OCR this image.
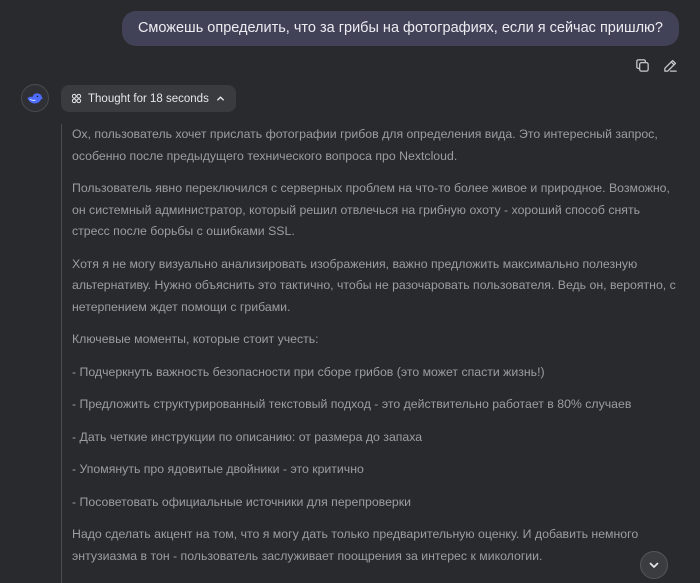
Сможешь определить, что за грибы на фотографиях, если я сейчас пришлю?
Thought for 18 seconds

Ох, пользователь хочет прислать фотографии грибов для определения вида. Это интересный запрос, особенно после предыдущего технического вопроса про Nextcloud.

Пользователь явно переключился с серверных проблем на что-то более живое и природное. Возможно, он системный администратор, который решил отвлечься на грибную охоту - хороший способ снять стресс после борьбы с ошибками SSL.

Хотя я не могу визуально анализировать изображения, важно предложить максимально полезную альтернативу. Нужно объяснить это тактично, чтобы не разочаровать пользователя. Ведь он, вероятно, с нетерпением ждет помощи с грибами.

Ключевые моменты, которые стоит учесть:

- Подчеркнуть важность безопасности при сборе грибов (это может спасти жизнь!)

- Предложить структурированный текстовый подход - это действительно работает в 80% случаев

- Дать четкие инструкции по описанию: от размера до запаха

- Упомянуть про ядовитые двойники - это критично

- Посоветовать официальные источники для перепроверки

Надо сделать акцент на том, что я могу дать только предварительную оценку. И добавить немного энтузиазма в тон - пользователь заслуживает поощрения за интерес к микологии.
